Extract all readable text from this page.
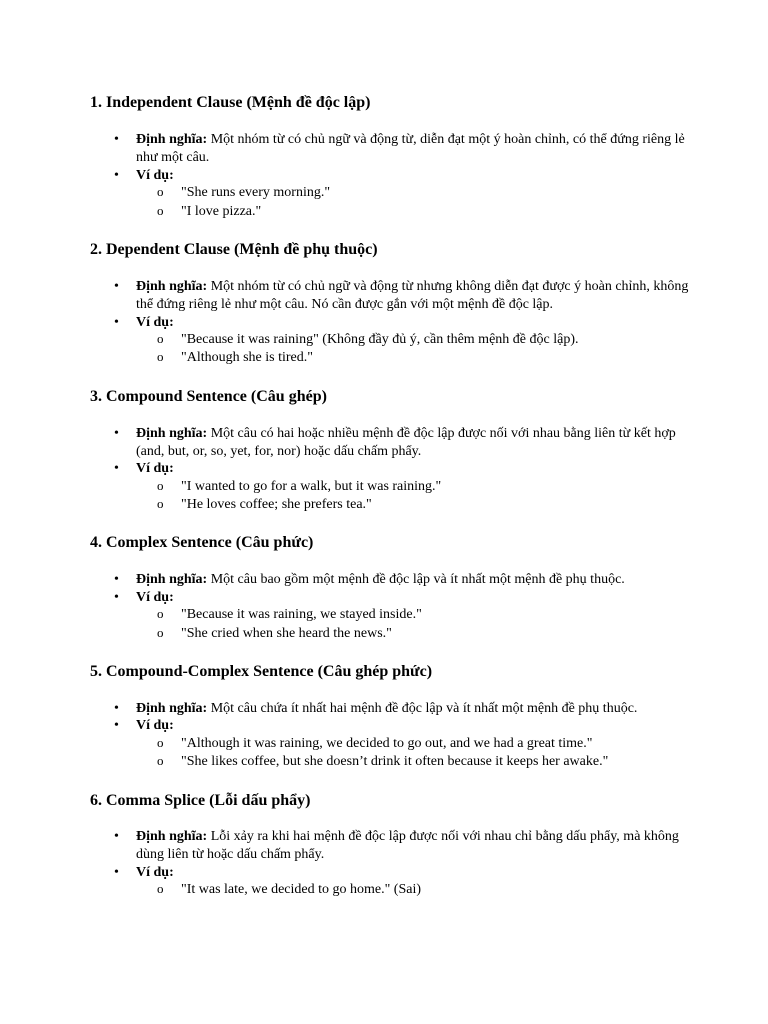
1. Independent Clause (Mệnh đề độc lập)
• Định nghĩa: Một nhóm từ có chủ ngữ và động từ, diễn đạt một ý hoàn chỉnh, có thể đứng riêng lẻ như một câu.
• Ví dụ:
o "She runs every morning."
o "I love pizza."
2. Dependent Clause (Mệnh đề phụ thuộc)
• Định nghĩa: Một nhóm từ có chủ ngữ và động từ nhưng không diễn đạt được ý hoàn chỉnh, không thể đứng riêng lẻ như một câu. Nó cần được gắn với một mệnh đề độc lập.
• Ví dụ:
o "Because it was raining" (Không đầy đủ ý, cần thêm mệnh đề độc lập).
o "Although she is tired."
3. Compound Sentence (Câu ghép)
• Định nghĩa: Một câu có hai hoặc nhiều mệnh đề độc lập được nối với nhau bằng liên từ kết hợp (and, but, or, so, yet, for, nor) hoặc dấu chấm phẩy.
• Ví dụ:
o "I wanted to go for a walk, but it was raining."
o "He loves coffee; she prefers tea."
4. Complex Sentence (Câu phức)
• Định nghĩa: Một câu bao gồm một mệnh đề độc lập và ít nhất một mệnh đề phụ thuộc.
• Ví dụ:
o "Because it was raining, we stayed inside."
o "She cried when she heard the news."
5. Compound-Complex Sentence (Câu ghép phức)
• Định nghĩa: Một câu chứa ít nhất hai mệnh đề độc lập và ít nhất một mệnh đề phụ thuộc.
• Ví dụ:
o "Although it was raining, we decided to go out, and we had a great time."
o "She likes coffee, but she doesn’t drink it often because it keeps her awake."
6. Comma Splice (Lỗi dấu phẩy)
• Định nghĩa: Lỗi xảy ra khi hai mệnh đề độc lập được nối với nhau chỉ bằng dấu phẩy, mà không dùng liên từ hoặc dấu chấm phẩy.
• Ví dụ:
o "It was late, we decided to go home." (Sai)
